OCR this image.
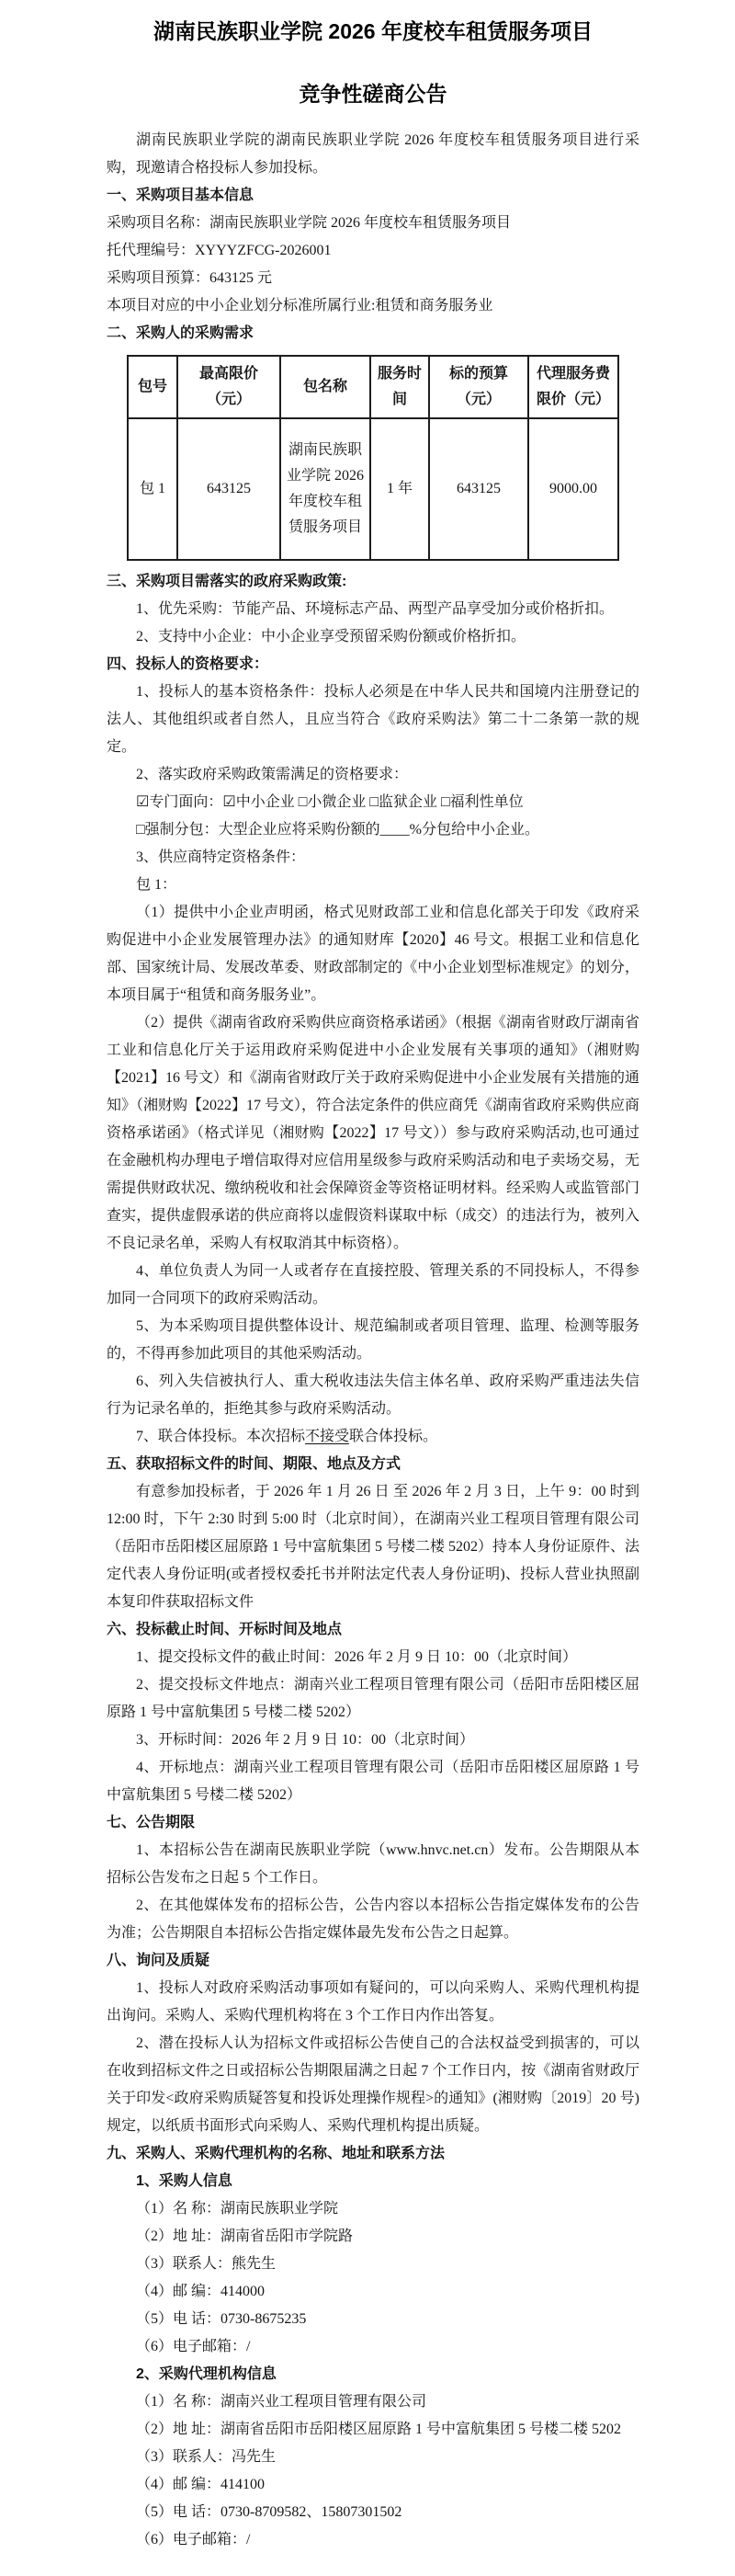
湖南民族职业学院 2026 年度校车租赁服务项目
竞争性磋商公告

湖南民族职业学院的湖南民族职业学院 2026 年度校车租赁服务项目进行采购，现邀请合格投标人参加投标。

一、采购项目基本信息

采购项目名称：湖南民族职业学院 2026 年度校车租赁服务项目

托代理编号：XYYYZFCG-2026001

采购项目预算：643125 元

本项目对应的中小企业划分标准所属行业:租赁和商务服务业

二、采购人的采购需求

包号	最高限价（元）	包名称	服务时间	标的预算（元）	代理服务费限价（元）
包 1	643125	湖南民族职业学院 2026 年度校车租赁服务项目	1 年	643125	9000.00

三、采购项目需落实的政府采购政策:

1、优先采购：节能产品、环境标志产品、两型产品享受加分或价格折扣。

2、支持中小企业：中小企业享受预留采购份额或价格折扣。

四、投标人的资格要求：

1、投标人的基本资格条件：投标人必须是在中华人民共和国境内注册登记的法人、其他组织或者自然人，且应当符合《政府采购法》第二十二条第一款的规定。

2、落实政府采购政策需满足的资格要求：

☑专门面向：☑中小企业 □小微企业 □监狱企业 □福利性单位

□强制分包：大型企业应将采购份额的____%分包给中小企业。

3、供应商特定资格条件：

包 1：

（1）提供中小企业声明函，格式见财政部工业和信息化部关于印发《政府采购促进中小企业发展管理办法》的通知财库【2020】46 号文。根据工业和信息化部、国家统计局、发展改革委、财政部制定的《中小企业划型标准规定》的划分，本项目属于“租赁和商务服务业”。

（2）提供《湖南省政府采购供应商资格承诺函》（根据《湖南省财政厅湖南省工业和信息化厅关于运用政府采购促进中小企业发展有关事项的通知》（湘财购【2021】16 号文）和《湖南省财政厅关于政府采购促进中小企业发展有关措施的通知》（湘财购【2022】17 号文），符合法定条件的供应商凭《湖南省政府采购供应商资格承诺函》（格式详见（湘财购【2022】17 号文））参与政府采购活动,也可通过在金融机构办理电子增信取得对应信用星级参与政府采购活动和电子卖场交易，无需提供财政状况、缴纳税收和社会保障资金等资格证明材料。经采购人或监管部门查实，提供虚假承诺的供应商将以虚假资料谋取中标（成交）的违法行为，被列入不良记录名单，采购人有权取消其中标资格）。

4、单位负责人为同一人或者存在直接控股、管理关系的不同投标人，不得参加同一合同项下的政府采购活动。

5、为本采购项目提供整体设计、规范编制或者项目管理、监理、检测等服务的，不得再参加此项目的其他采购活动。

6、列入失信被执行人、重大税收违法失信主体名单、政府采购严重违法失信行为记录名单的，拒绝其参与政府采购活动。

7、联合体投标。本次招标不接受联合体投标。

五、获取招标文件的时间、期限、地点及方式

有意参加投标者，于 2026 年 1 月 26 日 至 2026 年 2 月 3 日，上午 9：00 时到 12:00 时，下午 2:30 时到 5:00 时（北京时间），在湖南兴业工程项目管理有限公司（岳阳市岳阳楼区屈原路 1 号中富航集团 5 号楼二楼 5202）持本人身份证原件、法定代表人身份证明(或者授权委托书并附法定代表人身份证明)、投标人营业执照副本复印件获取招标文件

六、投标截止时间、开标时间及地点

1、提交投标文件的截止时间：2026 年 2 月 9 日 10：00（北京时间）

2、提交投标文件地点：湖南兴业工程项目管理有限公司（岳阳市岳阳楼区屈原路 1 号中富航集团 5 号楼二楼 5202）

3、开标时间：2026 年 2 月 9 日 10：00（北京时间）

4、开标地点：湖南兴业工程项目管理有限公司（岳阳市岳阳楼区屈原路 1 号中富航集团 5 号楼二楼 5202）

七、公告期限

1、本招标公告在湖南民族职业学院（www.hnvc.net.cn）发布。公告期限从本招标公告发布之日起 5 个工作日。

2、在其他媒体发布的招标公告，公告内容以本招标公告指定媒体发布的公告为准；公告期限自本招标公告指定媒体最先发布公告之日起算。

八、询问及质疑

1、投标人对政府采购活动事项如有疑问的，可以向采购人、采购代理机构提出询问。采购人、采购代理机构将在 3 个工作日内作出答复。

2、潜在投标人认为招标文件或招标公告使自己的合法权益受到损害的，可以在收到招标文件之日或招标公告期限届满之日起 7 个工作日内，按《湖南省财政厅关于印发<政府采购质疑答复和投诉处理操作规程>的通知》(湘财购〔2019〕20 号)规定，以纸质书面形式向采购人、采购代理机构提出质疑。

九、采购人、采购代理机构的名称、地址和联系方法

1、采购人信息

（1）名 称：湖南民族职业学院

（2）地 址：湖南省岳阳市学院路

（3）联系人：熊先生

（4）邮 编：414000

（5）电 话：0730-8675235

（6）电子邮箱：/

2、采购代理机构信息

（1）名 称：湖南兴业工程项目管理有限公司

（2）地 址：湖南省岳阳市岳阳楼区屈原路 1 号中富航集团 5 号楼二楼 5202

（3）联系人：冯先生

（4）邮 编：414100

（5）电 话：0730-8709582、15807301502

（6）电子邮箱：/
